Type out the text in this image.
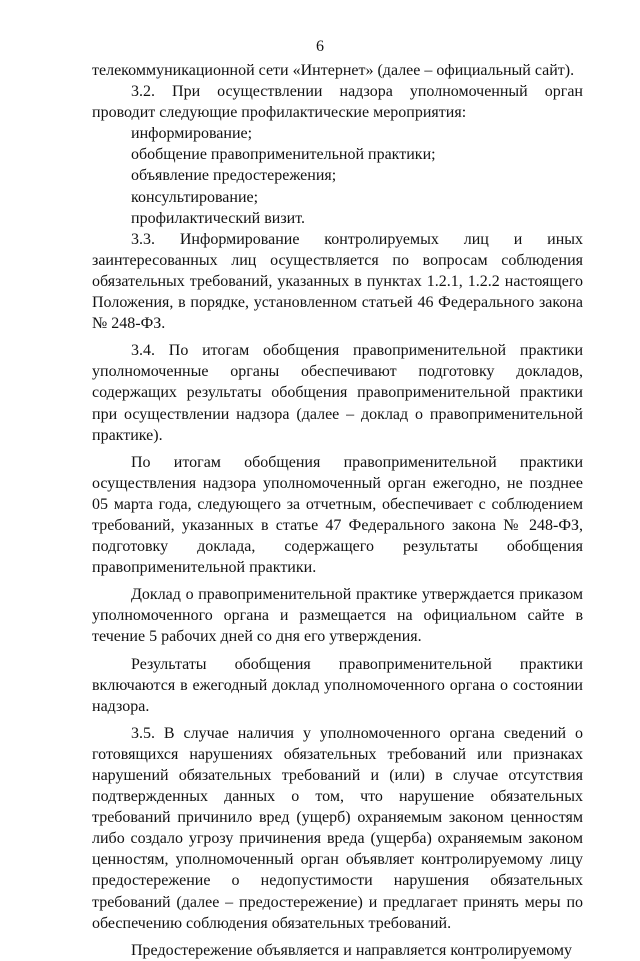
6

телекоммуникационной сети «Интернет» (далее – официальный сайт).

3.2. При осуществлении надзора уполномоченный орган проводит следующие профилактические мероприятия:

информирование;

обобщение правоприменительной практики;

объявление предостережения;

консультирование;

профилактический визит.

3.3. Информирование контролируемых лиц и иных заинтересованных лиц осуществляется по вопросам соблюдения обязательных требований, указанных в пунктах 1.2.1, 1.2.2 настоящего Положения, в порядке, установленном статьей 46 Федерального закона № 248-ФЗ.

3.4. По итогам обобщения правоприменительной практики уполномоченные органы обеспечивают подготовку докладов, содержащих результаты обобщения правоприменительной практики при осуществлении надзора (далее – доклад о правоприменительной практике).

По итогам обобщения правоприменительной практики осуществления надзора уполномоченный орган ежегодно, не позднее 05 марта года, следующего за отчетным, обеспечивает с соблюдением требований, указанных в статье 47 Федерального закона № 248-ФЗ, подготовку доклада, содержащего результаты обобщения правоприменительной практики.

Доклад о правоприменительной практике утверждается приказом уполномоченного органа и размещается на официальном сайте в течение 5 рабочих дней со дня его утверждения.

Результаты обобщения правоприменительной практики включаются в ежегодный доклад уполномоченного органа о состоянии надзора.

3.5. В случае наличия у уполномоченного органа сведений о готовящихся нарушениях обязательных требований или признаках нарушений обязательных требований и (или) в случае отсутствия подтвержденных данных о том, что нарушение обязательных требований причинило вред (ущерб) охраняемым законом ценностям либо создало угрозу причинения вреда (ущерба) охраняемым законом ценностям, уполномоченный орган объявляет контролируемому лицу предостережение о недопустимости нарушения обязательных требований (далее – предостережение) и предлагает принять меры по обеспечению соблюдения обязательных требований.

Предостережение объявляется и направляется контролируемому
